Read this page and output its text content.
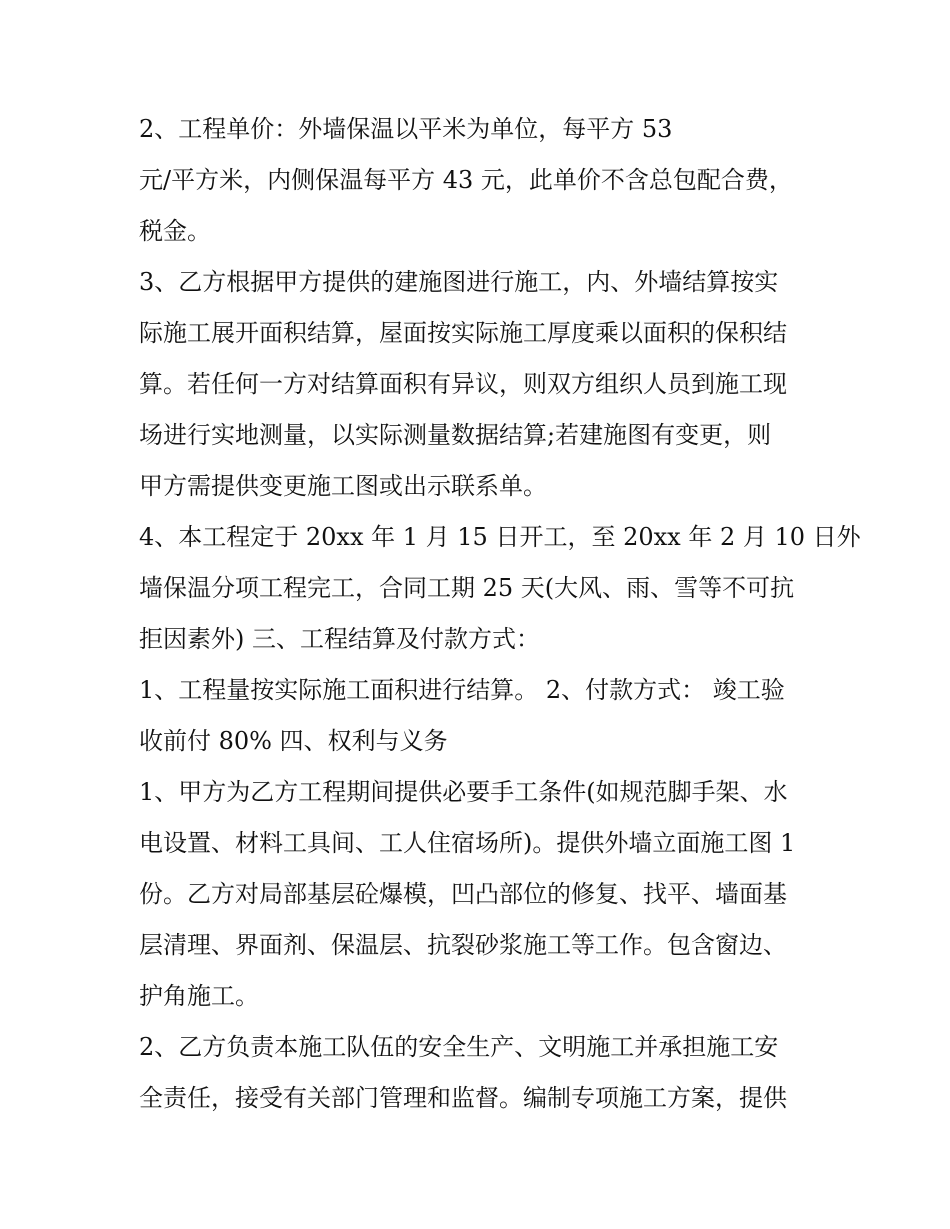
2、工程单价：外墙保温以平米为单位，每平方 53
元/平方米，内侧保温每平方 43 元，此单价不含总包配合费，
税金。
3、乙方根据甲方提供的建施图进行施工，内、外墙结算按实
际施工展开面积结算，屋面按实际施工厚度乘以面积的保积结
算。若任何一方对结算面积有异议，则双方组织人员到施工现
场进行实地测量，以实际测量数据结算;若建施图有变更，则
甲方需提供变更施工图或出示联系单。
4、本工程定于 20xx 年 1 月 15 日开工，至 20xx 年 2 月 10 日外
墙保温分项工程完工，合同工期 25 天(大风、雨、雪等不可抗
拒因素外) 三、工程结算及付款方式：
1、工程量按实际施工面积进行结算。 2、付款方式： 竣工验
收前付 80% 四、权利与义务
1、甲方为乙方工程期间提供必要手工条件(如规范脚手架、水
电设置、材料工具间、工人住宿场所)。提供外墙立面施工图 1
份。乙方对局部基层砼爆模，凹凸部位的修复、找平、墙面基
层清理、界面剂、保温层、抗裂砂浆施工等工作。包含窗边、
护角施工。
2、乙方负责本施工队伍的安全生产、文明施工并承担施工安
全责任，接受有关部门管理和监督。编制专项施工方案，提供
